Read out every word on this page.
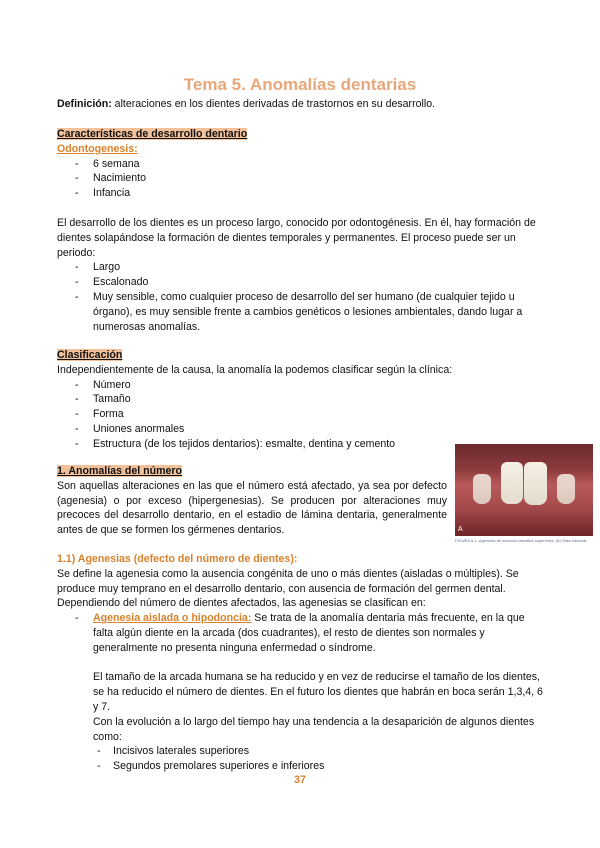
Tema 5. Anomalías dentarias
Definición: alteraciones en los dientes derivadas de trastornos en su desarrollo.
Características de desarrollo dentario
Odontogenesis:
- 6 semana
- Nacimiento
- Infancia

El desarrollo de los dientes es un proceso largo, conocido por odontogénesis. En él, hay formación de dientes solapándose la formación de dientes temporales y permanentes. El proceso puede ser un periodo:

- Largo
- Escalonado
- Muy sensible, como cualquier proceso de desarrollo del ser humano (de cualquier tejido u órgano), es muy sensible frente a cambios genéticos o lesiones ambientales, dando lugar a numerosas anomalías.
Clasificación

Independientemente de la causa, la anomalía la podemos clasificar según la clínica:

- Número
- Tamaño
- Forma
- Uniones anormales
- Estructura (de los tejidos dentarios): esmalte, dentina y cemento
1. Anomalías del número

Son aquellas alteraciones en las que el número está afectado, ya sea por defecto (agenesia) o por exceso (hipergenesias). Se producen por alteraciones muy precoces del desarrollo dentario, en el estadio de lámina dentaria, generalmente antes de que se formen los gérmenes dentarios.	A
FIGURA 5-1. Agenesia de incisivos laterales superiores. (A) Vista intraoral.
1.1) Agenesias (defecto del número de dientes):

Se define la agenesia como la ausencia congénita de uno o más dientes (aisladas o múltiples). Se produce muy temprano en el desarrollo dentario, con ausencia de formación del germen dental. Dependiendo del número de dientes afectados, las agenesias se clasifican en:

- Agenesia aislada o hipodoncia: Se trata de la anomalía dentaria más frecuente, en la que falta algún diente en la arcada (dos cuadrantes), el resto de dientes son normales y generalmente no presenta ninguna enfermedad o síndrome.

El tamaño de la arcada humana se ha reducido y en vez de reducirse el tamaño de los dientes, se ha reducido el número de dientes. En el futuro los dientes que habrán en boca serán 1,3,4, 6 y 7.

Con la evolución a lo largo del tiempo hay una tendencia a la desaparición de algunos dientes como:

- Incisivos laterales superiores
- Segundos premolares superiores e inferiores
37
